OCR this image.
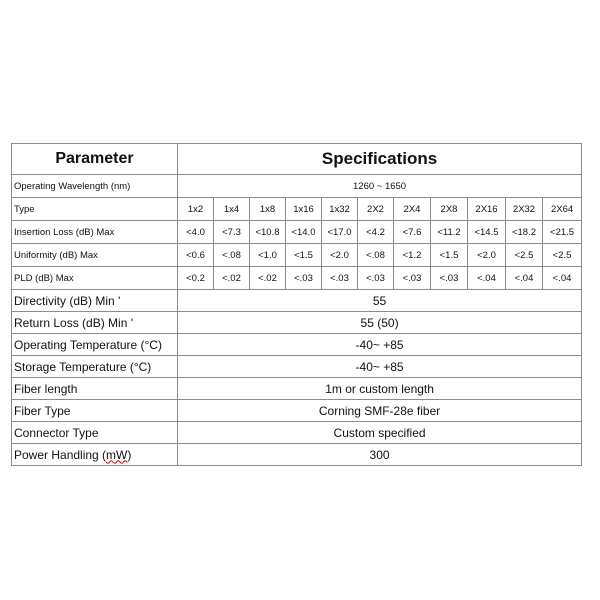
Parameter	Specifications										
Operating Wavelength (nm)	1260 ~ 1650										
Type	1x2	1x4	1x8	1x16	1x32	2X2	2X4	2X8	2X16	2X32	2X64
Insertion Loss (dB) Max	<4.0	<7.3	<10.8	<14.0	<17.0	<4.2	<7.6	<11.2	<14.5	<18.2	<21.5
Uniformity (dB) Max	<0.6	<.08	<1.0	<1.5	<2.0	<.08	<1.2	<1.5	<2.0	<2.5	<2.5
PLD (dB) Max	<0.2	<.02	<.02	<.03	<.03	<.03	<.03	<.03	<.04	<.04	<.04
Directivity (dB) Min '	55										
Return Loss (dB) Min '	55 (50)										
Operating Temperature (°C)	-40~ +85										
Storage Temperature (°C)	-40~ +85										
Fiber length	1m or custom length										
Fiber Type	Corning SMF-28e fiber										
Connector Type	Custom specified										
Power Handling (mW)	300										
